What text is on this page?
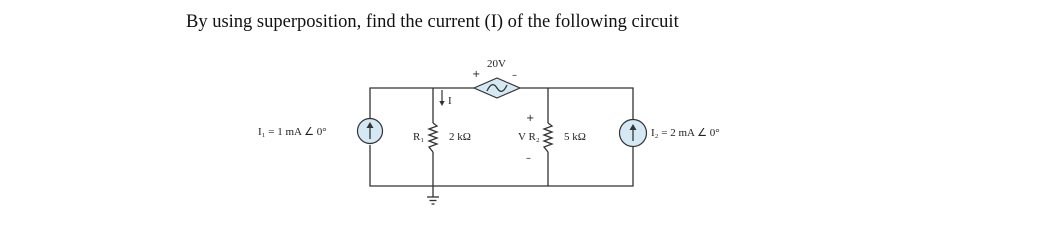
By using superposition, find the current (I) of the following circuit
I
I₁ = 1 mA ∠ 0°	I₂ = 2 mA ∠ 0°
R₁ 2 kΩ	V R₂ 5 kΩ
20V
+	–
+
–
